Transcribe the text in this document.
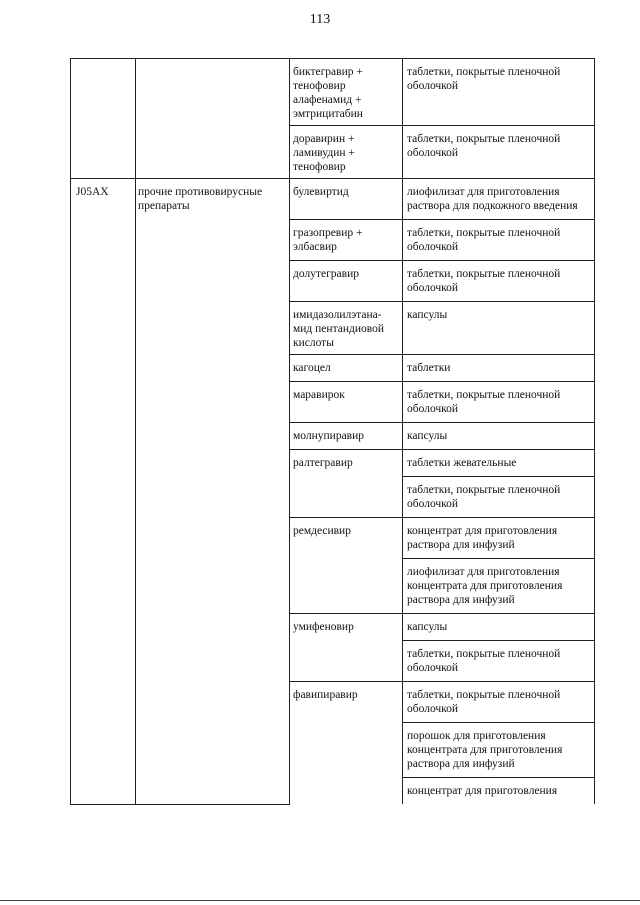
113
		биктегравир + тенофовир алафенамид + эмтрицитабин	таблетки, покрытые пленочной оболочкой

		доравирин + ламивудин + тенофовир	таблетки, покрытые пленочной оболочкой

J05AX	прочие противовирусные препараты	булевиртид	лиофилизат для приготовления раствора для подкожного введения

		гразопревир + элбасвир	таблетки, покрытые пленочной оболочкой

		долутегравир	таблетки, покрытые пленочной оболочкой

		имидазолилэтана-мид пентандиовой кислоты	капсулы

		кагоцел	таблетки

		маравирок	таблетки, покрытые пленочной оболочкой

		молнупиравир	капсулы

		ралтегравир	таблетки жевательные
таблетки, покрытые пленочной оболочкой

		ремдесивир	концентрат для приготовления раствора для инфузий
лиофилизат для приготовления концентрата для приготовления раствора для инфузий

		умифеновир	капсулы
таблетки, покрытые пленочной оболочкой

		фавипиравир	таблетки, покрытые пленочной оболочкой
порошок для приготовления концентрата для приготовления раствора для инфузий
концентрат для приготовления
